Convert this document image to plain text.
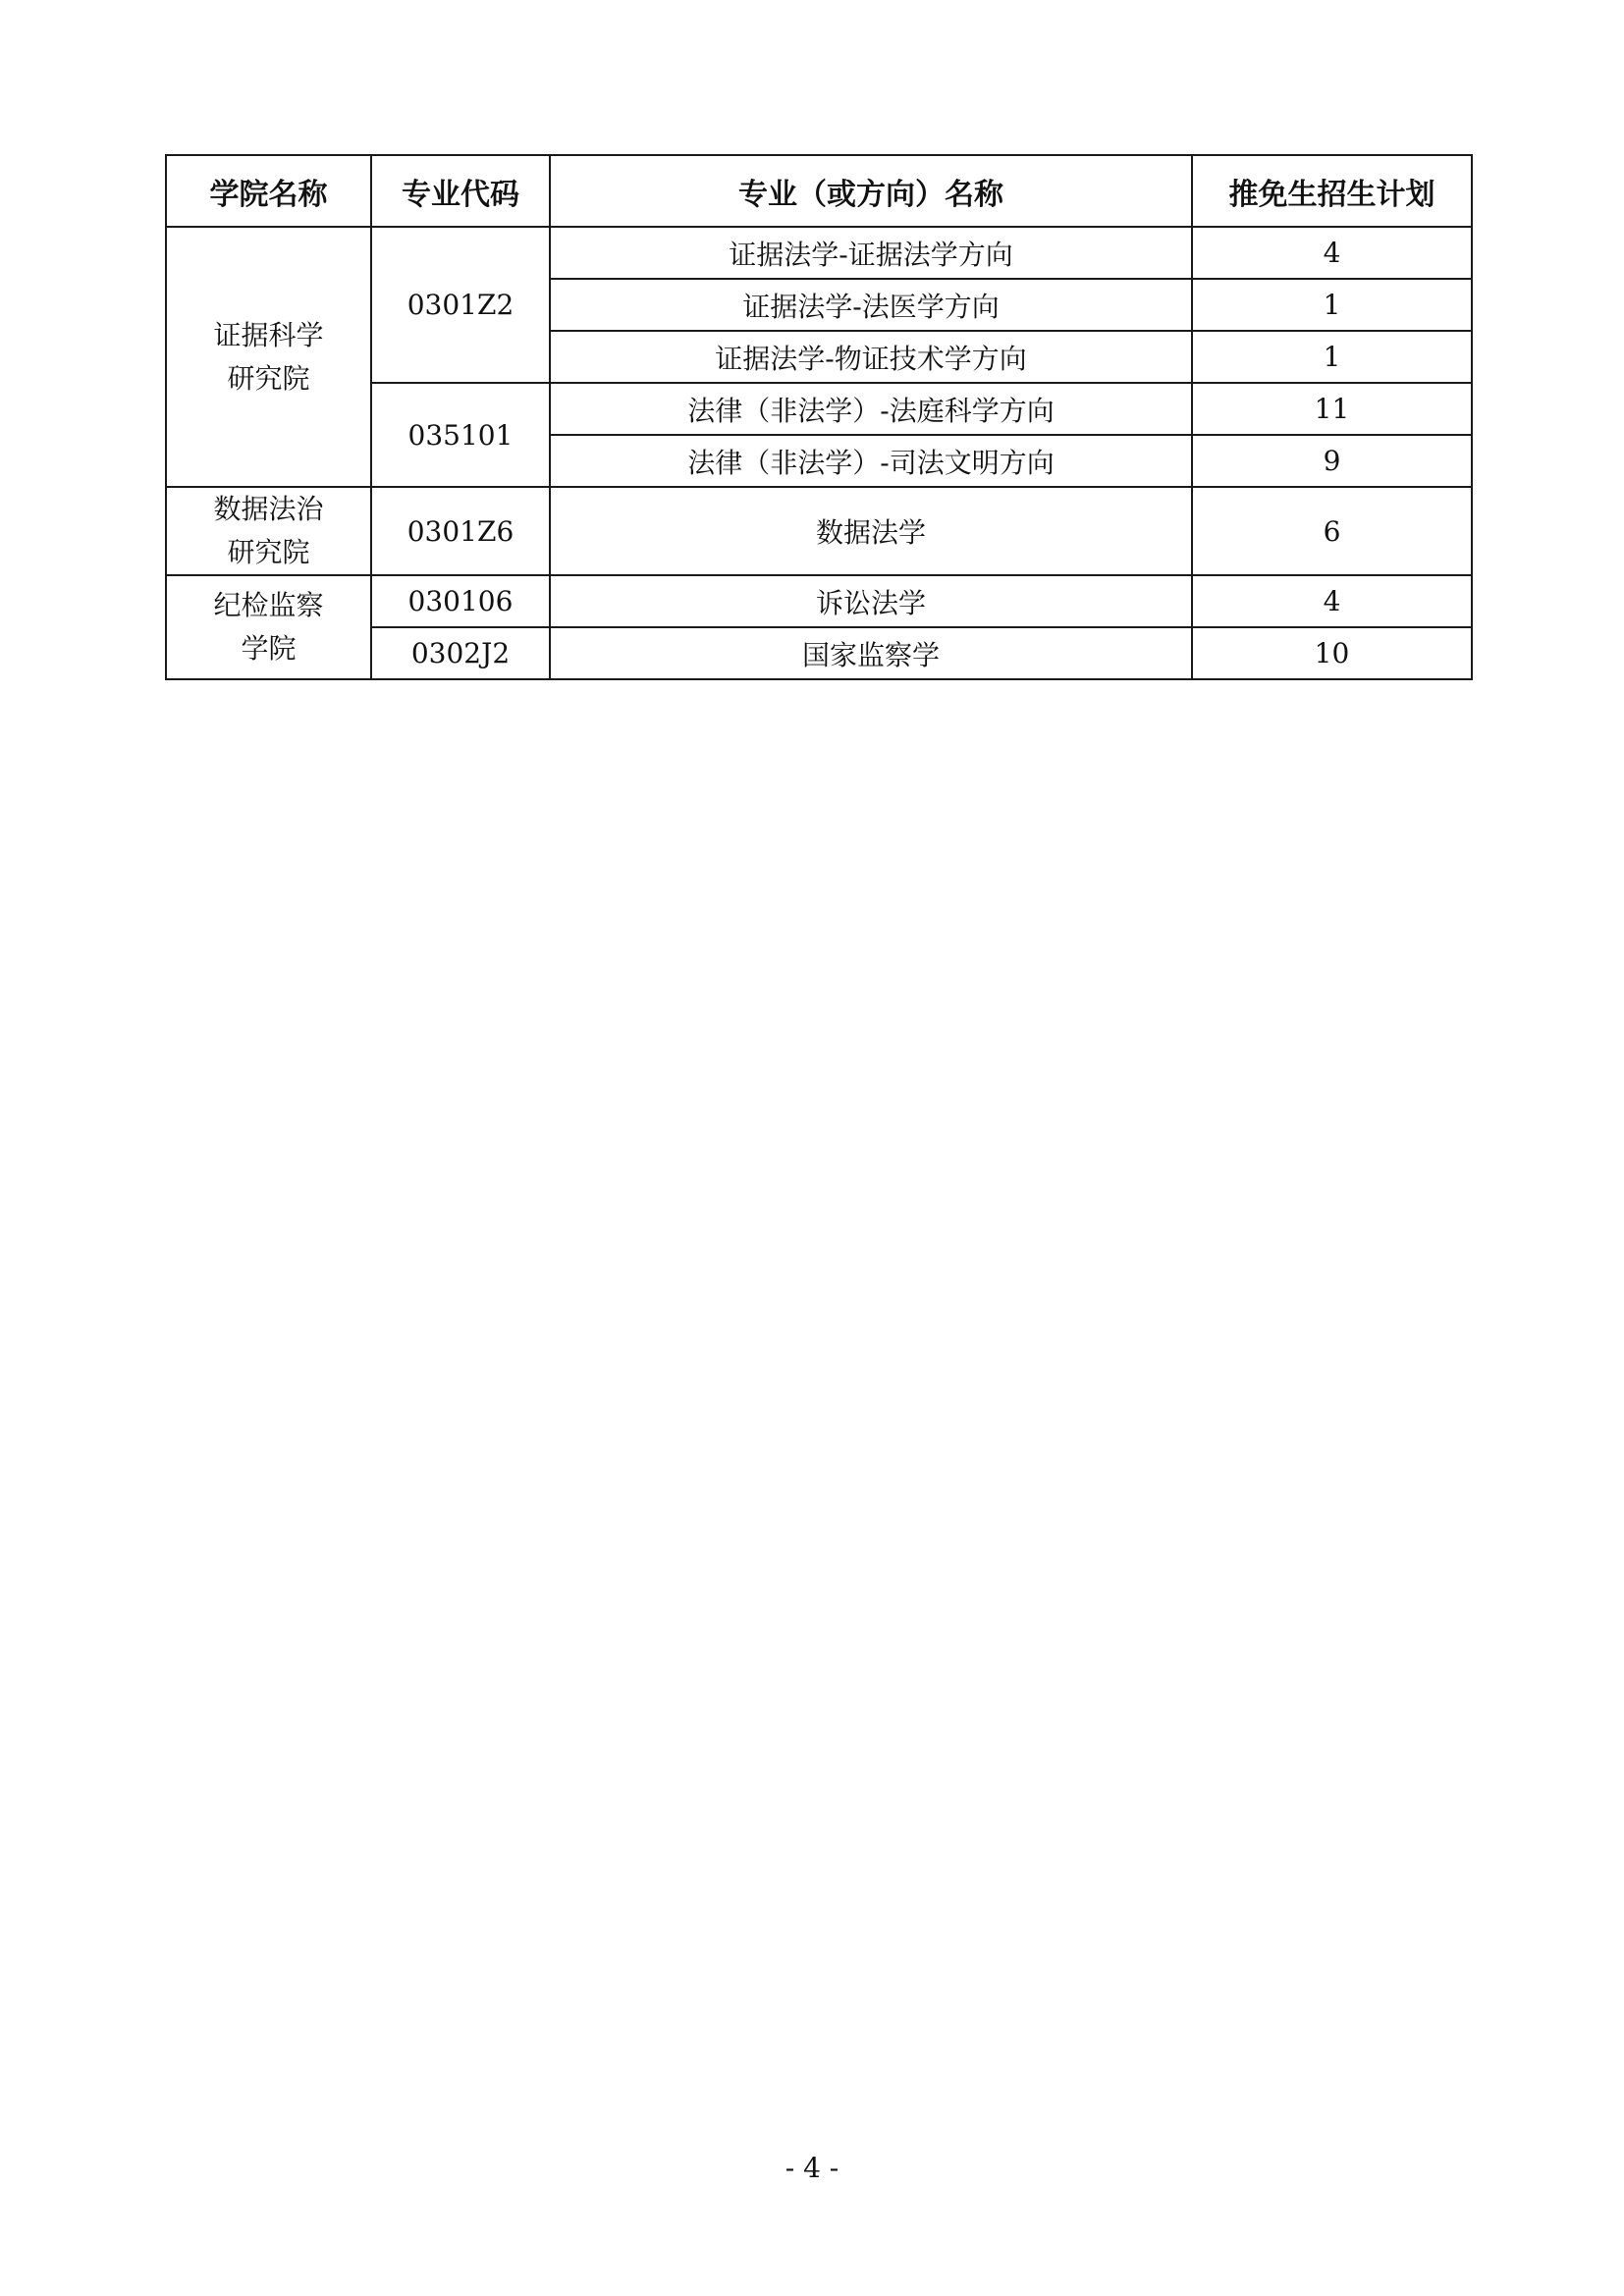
学院名称	专业代码	专业（或方向）名称	推免生招生计划

证据科学
研究院	0301Z2	证据法学-证据法学方向	4
		证据法学-法医学方向	1
		证据法学-物证技术学方向	1
	035101	法律（非法学）-法庭科学方向	11
		法律（非法学）-司法文明方向	9

数据法治
研究院	0301Z6	数据法学	6

纪检监察
学院	030106	诉讼法学	4
	0302J2	国家监察学	10
- 4 -
